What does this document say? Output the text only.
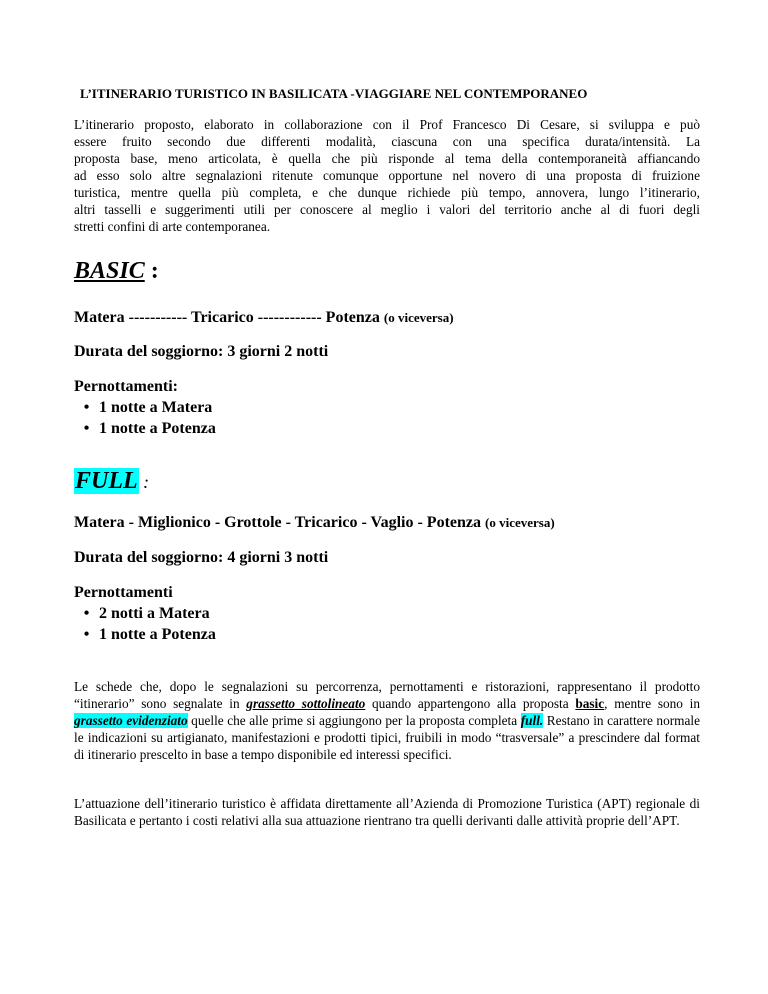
L’ITINERARIO TURISTICO IN BASILICATA -VIAGGIARE NEL CONTEMPORANEO
L’itinerario proposto, elaborato in collaborazione con il Prof Francesco Di Cesare, si sviluppa e può
essere fruito secondo due differenti modalità, ciascuna con una specifica durata/intensità. La
proposta base, meno articolata, è quella che più risponde al tema della contemporaneità affiancando
ad esso solo altre segnalazioni ritenute comunque opportune nel novero di una proposta di fruizione
turistica, mentre quella più completa, e che dunque richiede più tempo, annovera, lungo l’itinerario,
altri tasselli e suggerimenti utili per conoscere al meglio i valori del territorio anche al di fuori degli
stretti confini di arte contemporanea.
BASIC :
Matera ----------- Tricarico ------------ Potenza (o viceversa)
Durata del soggiorno: 3 giorni 2 notti
Pernottamenti:
• 1 notte a Matera
• 1 notte a Potenza
FULL :
Matera - Miglionico - Grottole - Tricarico - Vaglio - Potenza (o viceversa)
Durata del soggiorno: 4 giorni 3 notti
Pernottamenti
• 2 notti a Matera
• 1 notte a Potenza
Le schede che, dopo le segnalazioni su percorrenza, pernottamenti e ristorazioni, rappresentano il prodotto “itinerario” sono segnalate in grassetto sottolineato quando appartengono alla proposta basic, mentre sono in grassetto evidenziato quelle che alle prime si aggiungono per la proposta completa full. Restano in carattere normale le indicazioni su artigianato, manifestazioni e prodotti tipici, fruibili in modo “trasversale” a prescindere dal format di itinerario prescelto in base a tempo disponibile ed interessi specifici.
L’attuazione dell’itinerario turistico è affidata direttamente all’Azienda di Promozione Turistica (APT) regionale di Basilicata e pertanto i costi relativi alla sua attuazione rientrano tra quelli derivanti dalle attività proprie dell’APT.
